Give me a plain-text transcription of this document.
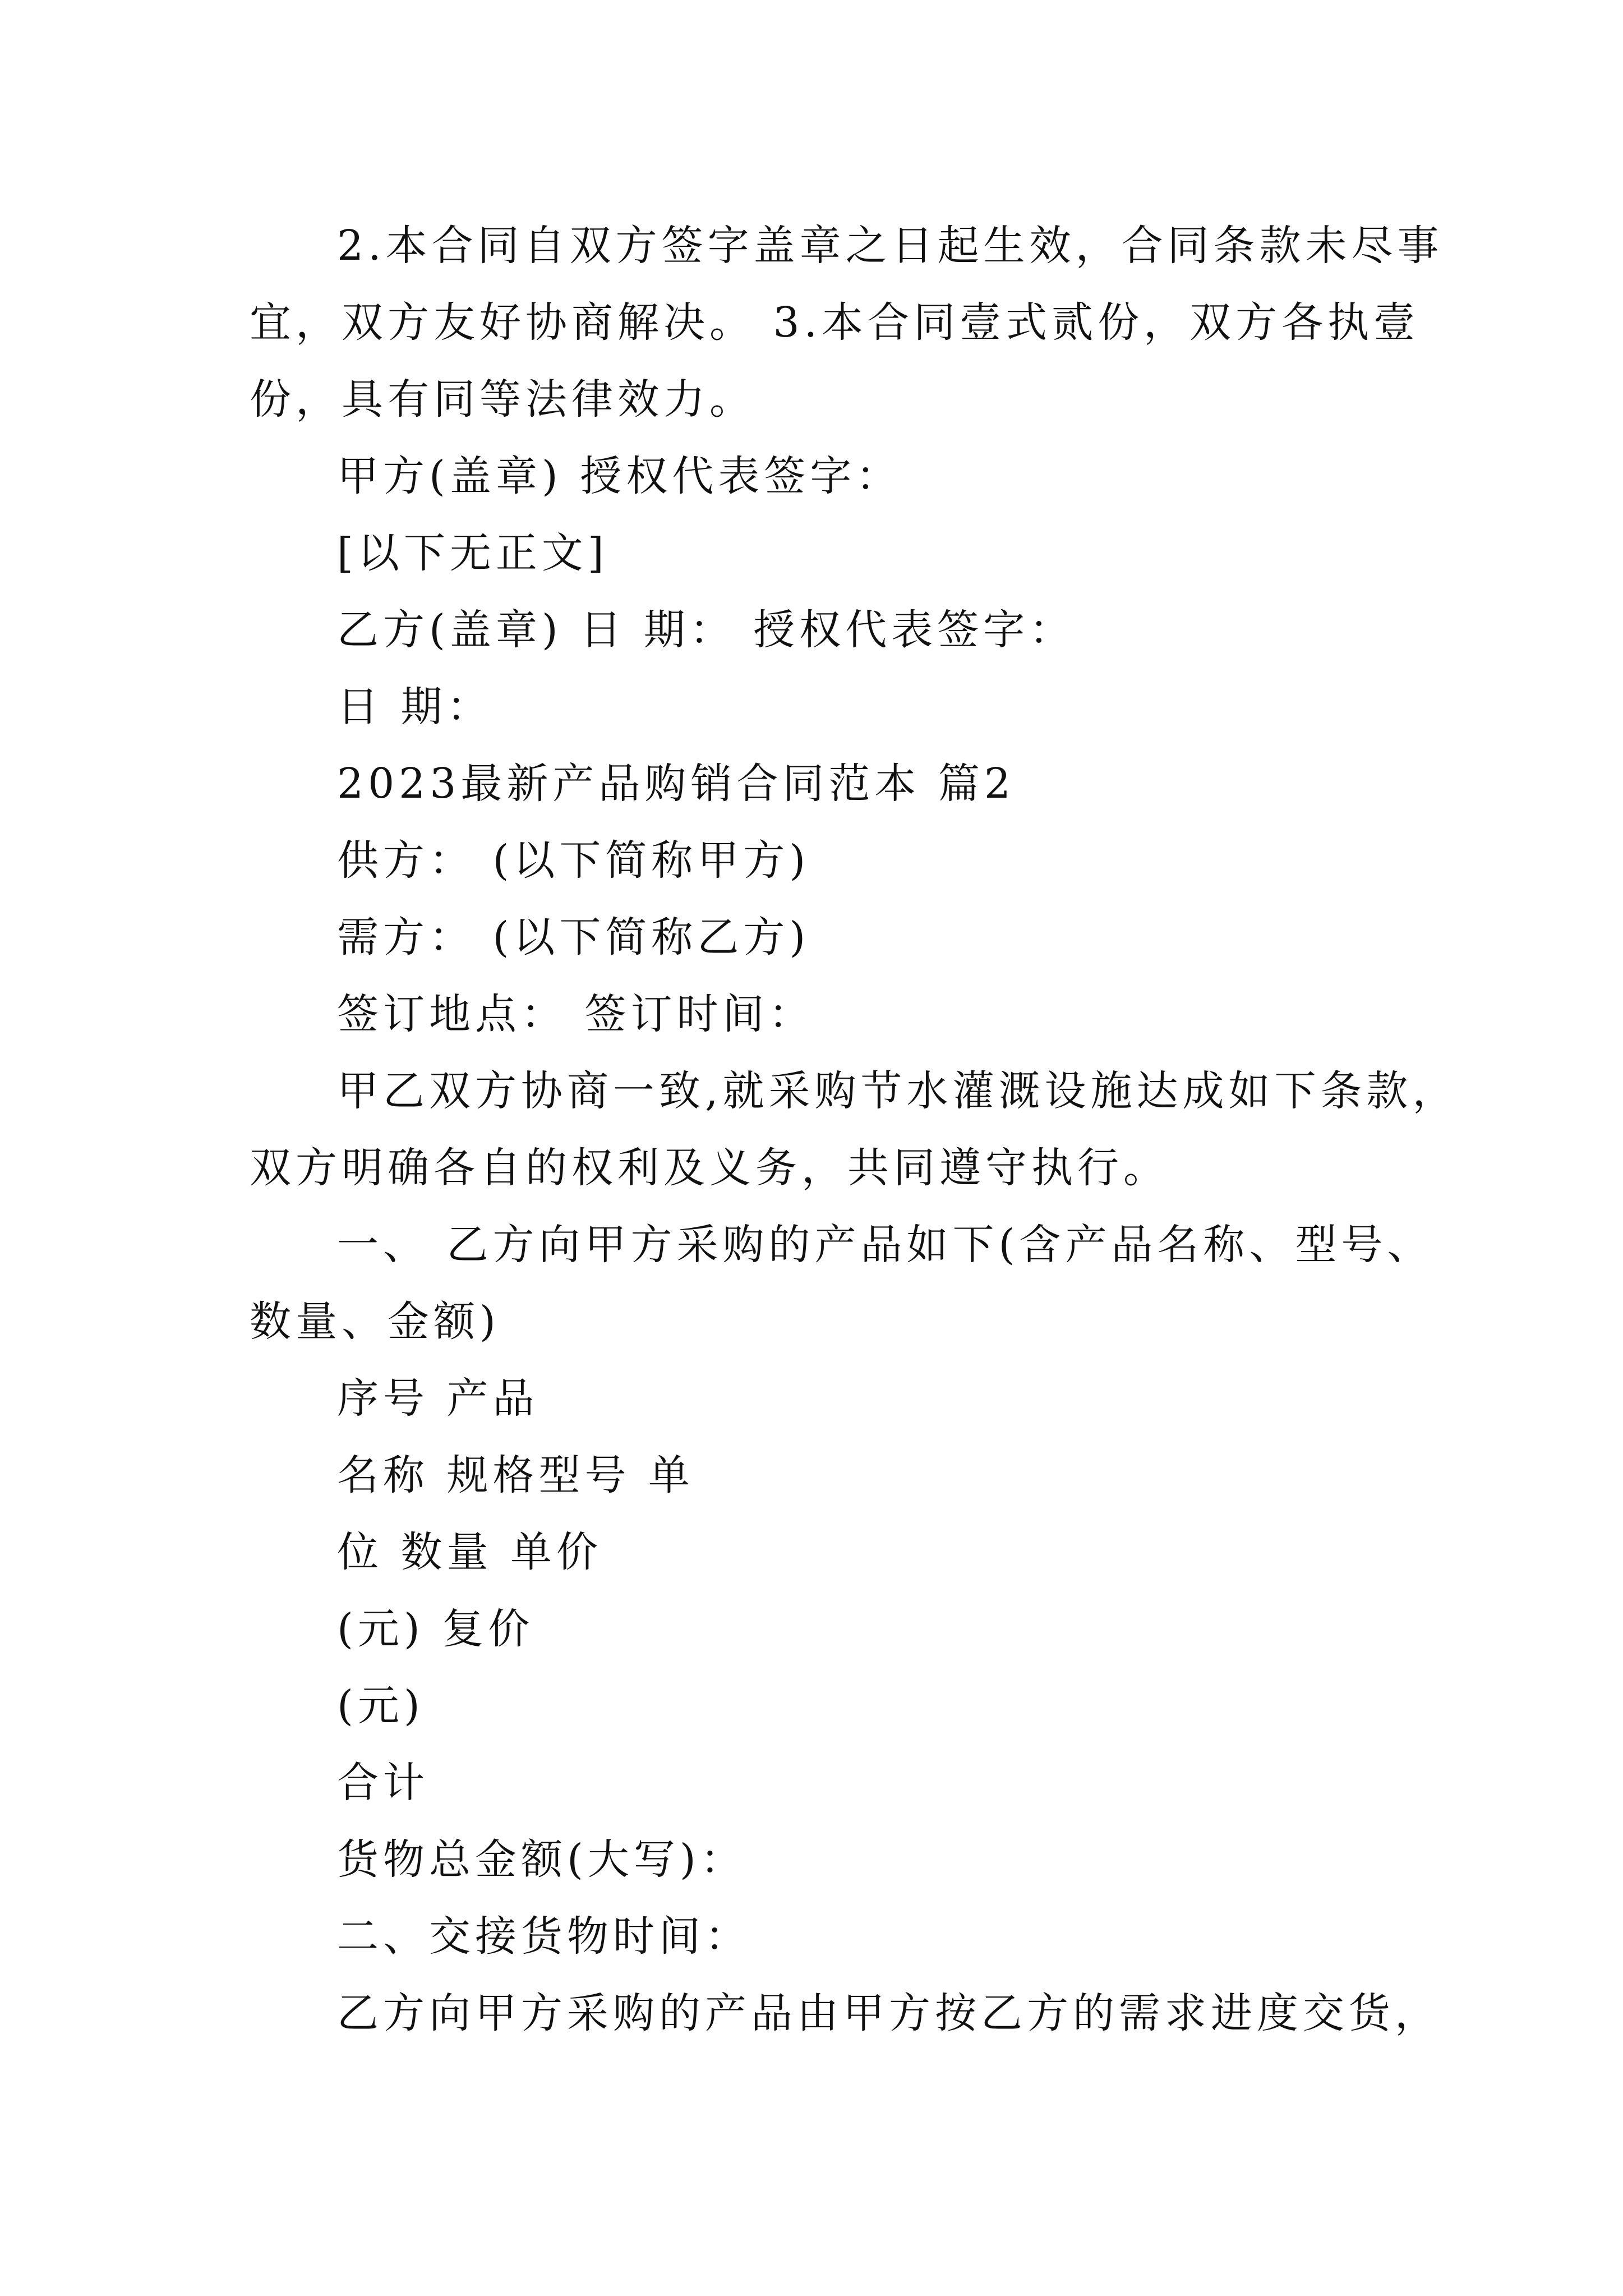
2.本合同自双方签字盖章之日起生效，合同条款未尽事

宜，双方友好协商解决。 3.本合同壹式贰份，双方各执壹

份，具有同等法律效力。

甲方(盖章) 授权代表签字：

[以下无正文]

乙方(盖章) 日 期： 授权代表签字：

日 期：

2023最新产品购销合同范本 篇2

供方： (以下简称甲方)

需方： (以下简称乙方)

签订地点： 签订时间：

甲乙双方协商一致,就采购节水灌溉设施达成如下条款，

双方明确各自的权利及义务，共同遵守执行。

一、 乙方向甲方采购的产品如下(含产品名称、型号、

数量、金额)

序号 产品

名称 规格型号 单

位 数量 单价

(元) 复价

(元)

合计

货物总金额(大写)：

二、交接货物时间：

乙方向甲方采购的产品由甲方按乙方的需求进度交货，
